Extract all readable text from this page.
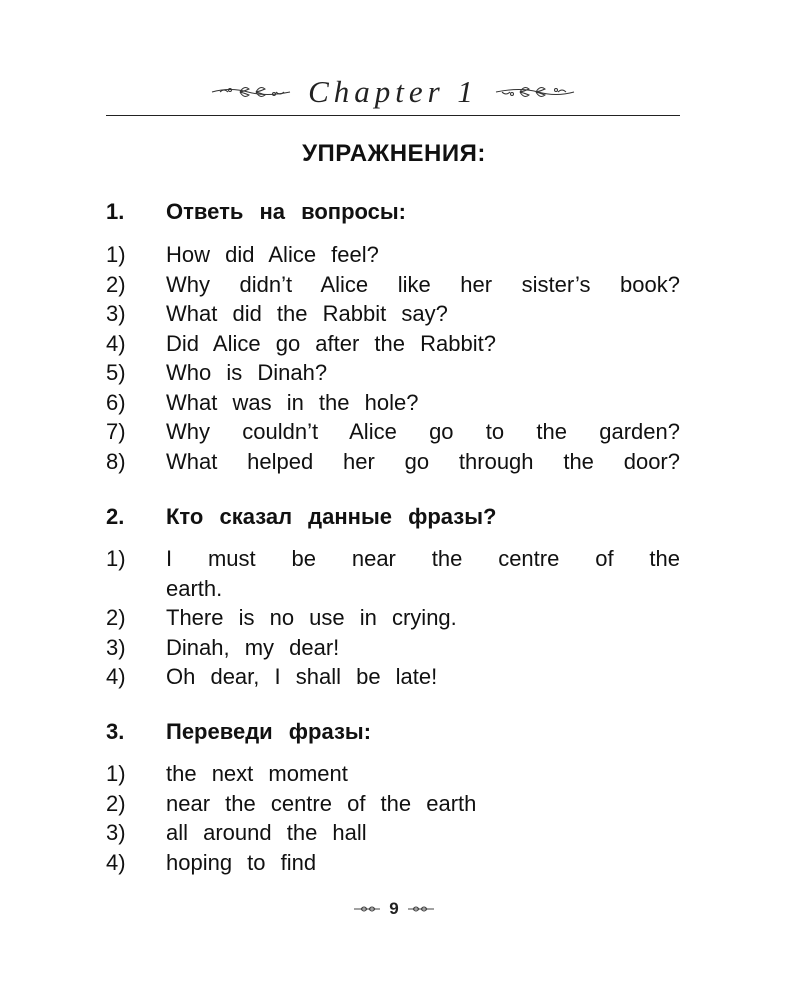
Chapter 1
УПРАЖНЕНИЯ:
1.	Ответь на вопросы:
1)	How did Alice feel?
2)	Why didn’t Alice like her sister’s book?
3)	What did the Rabbit say?
4)	Did Alice go after the Rabbit?
5)	Who is Dinah?
6)	What was in the hole?
7)	Why couldn’t Alice go to the garden?
8)	What helped her go through the door?
2.	Кто сказал данные фразы?
1)	I must be near the centre of the
earth.
2)	There is no use in crying.
3)	Dinah, my dear!
4)	Oh dear, I shall be late!
3.	Переведи фразы:
1)	the next moment
2)	near the centre of the earth
3)	all around the hall
4)	hoping to find
9
